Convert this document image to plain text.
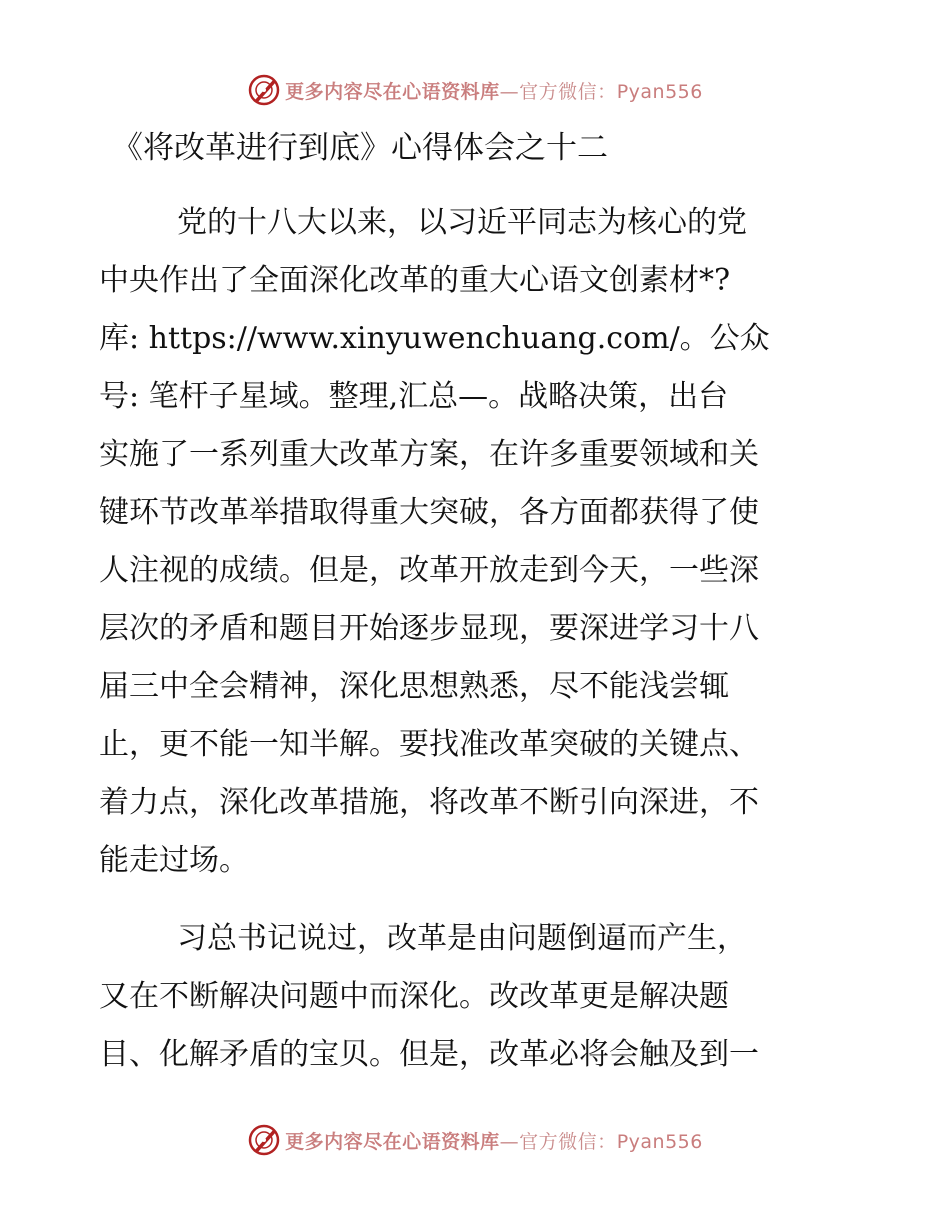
更多内容尽在心语资料库—官方微信：Pyan556
《将改革进行到底》心得体会之十二
党的十八大以来，以习近平同志为核心的党
中央作出了全面深化改革的重大心语文创素材*?
库: https://www.xinyuwenchuang.com/。公众
号: 笔杆子星域。整理,汇总—。战略决策，出台
实施了一系列重大改革方案，在许多重要领域和关
键环节改革举措取得重大突破，各方面都获得了使
人注视的成绩。但是，改革开放走到今天，一些深
层次的矛盾和题目开始逐步显现，要深进学习十八
届三中全会精神，深化思想熟悉，尽不能浅尝辄
止，更不能一知半解。要找准改革突破的关键点、
着力点，深化改革措施，将改革不断引向深进，不
能走过场。
习总书记说过，改革是由问题倒逼而产生，
又在不断解决问题中而深化。改改革更是解决题
目、化解矛盾的宝贝。但是，改革必将会触及到一
更多内容尽在心语资料库—官方微信：Pyan556
